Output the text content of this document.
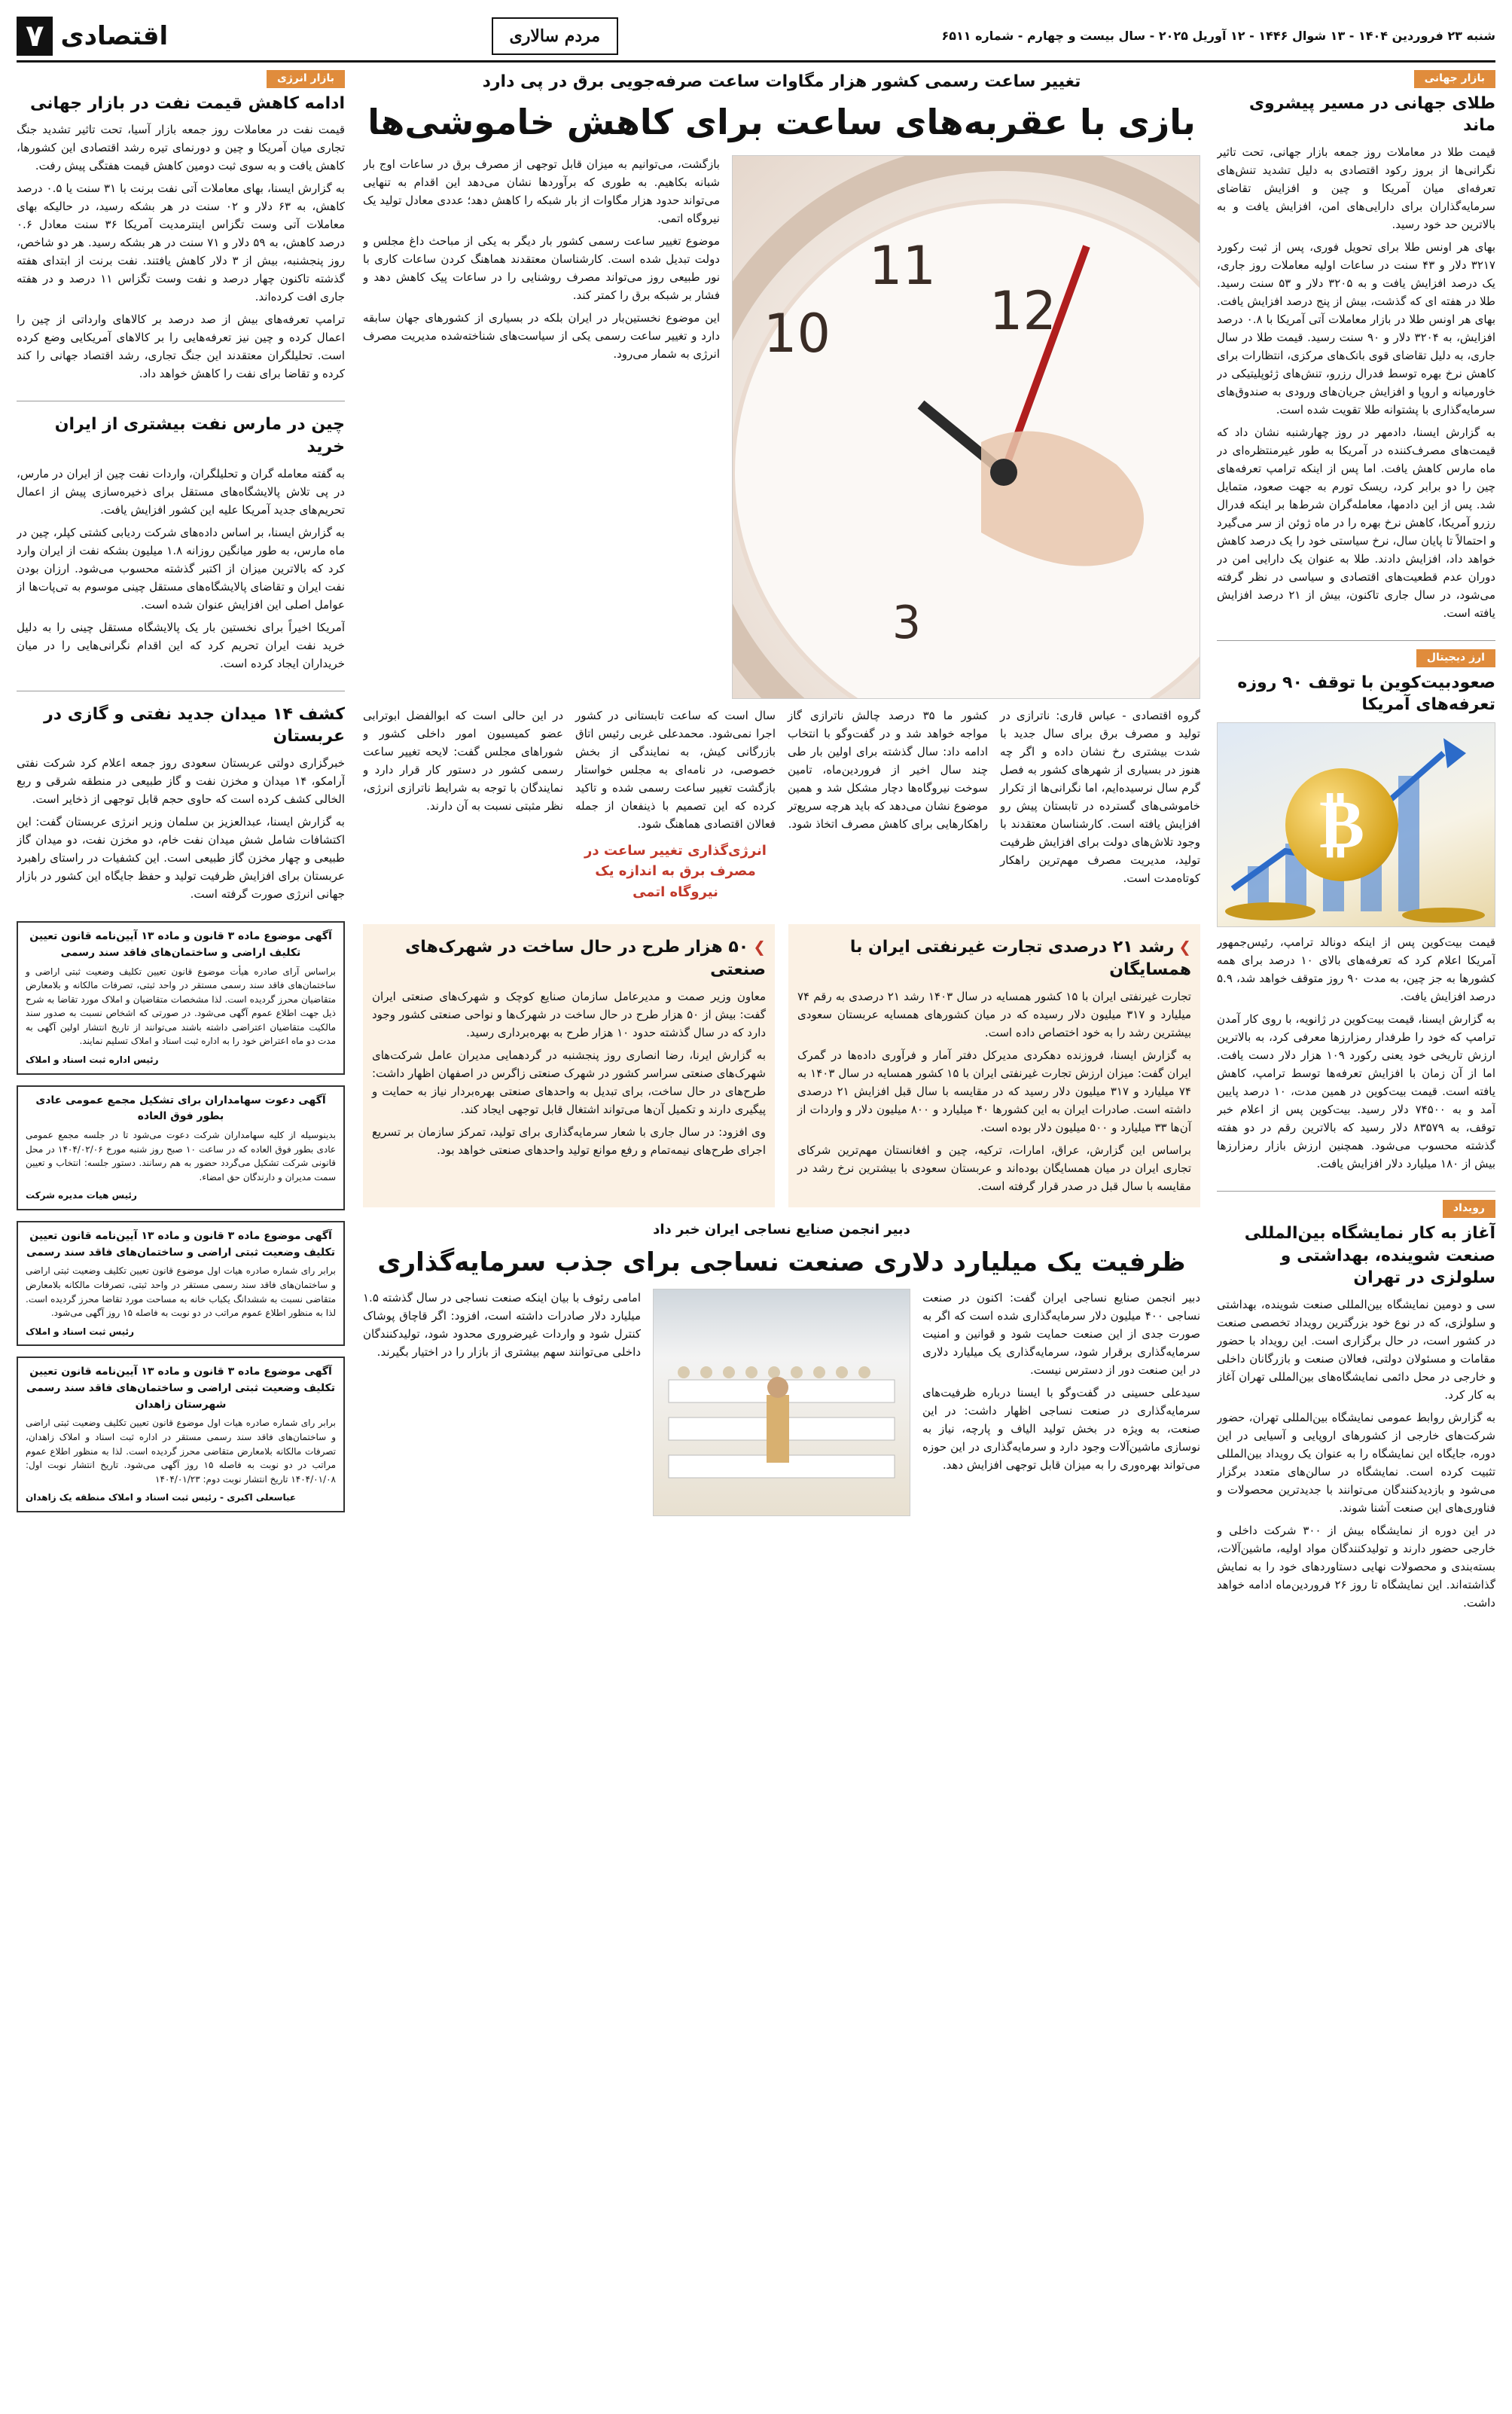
شنبه ۲۳ فروردین ۱۴۰۴ - ۱۳ شوال ۱۴۴۶ - ۱۲ آوریل ۲۰۲۵ - سال بیست و چهارم - شماره ۶۵۱۱
مردم سالاری
اقتصادی
۷
بازار جهانی
طلای جهانی در مسیر پیشروی ماند

قیمت طلا در معاملات روز جمعه بازار جهانی، تحت تاثیر نگرانی‌ها از بروز رکود اقتصادی به دلیل تشدید تنش‌های تعرفه‌ای میان آمریکا و چین و افزایش تقاضای سرمایه‌گذاران برای دارایی‌های امن، افزایش یافت و به بالاترین حد خود رسید.

بهای هر اونس طلا برای تحویل فوری، پس از ثبت رکورد ۳۲۱۷ دلار و ۴۳ سنت در ساعات اولیه معاملات روز جاری، یک درصد افزایش یافت و به ۳۲۰۵ دلار و ۵۳ سنت رسید. طلا در هفته ای که گذشت، بیش از پنج درصد افزایش یافت. بهای هر اونس طلا در بازار معاملات آتی آمریکا با ۰.۸ درصد افزایش، به ۳۲۰۴ دلار و ۹۰ سنت رسید. قیمت طلا در سال جاری، به دلیل تقاضای قوی بانک‌های مرکزی، انتظارات برای کاهش نرخ بهره توسط فدرال رزرو، تنش‌های ژئوپلیتیکی در خاورمیانه و اروپا و افزایش جریان‌های ورودی به صندوق‌های سرمایه‌گذاری با پشتوانه طلا تقویت شده است.

به گزارش ایسنا، دادمهر در روز چهارشنبه نشان داد که قیمت‌های مصرف‌کننده در آمریکا به طور غیرمنتظره‌ای در ماه مارس کاهش یافت. اما پس از اینکه ترامپ تعرفه‌های چین را دو برابر کرد، ریسک تورم به جهت صعود، متمایل شد. پس از این دادمها، معامله‌گران شرط‌ها بر اینکه فدرال رزرو آمریکا، کاهش نرخ بهره را در ماه ژوئن از سر می‌گیرد و احتمالاً تا پایان سال، نرخ سیاستی خود را یک درصد کاهش خواهد داد، افزایش دادند. طلا به عنوان یک دارایی امن در دوران عدم قطعیت‌های اقتصادی و سیاسی در نظر گرفته می‌شود، در سال جاری تاکنون، بیش از ۲۱ درصد افزایش یافته است.

ارز دیجیتال
صعودبیت‌کوین با توقف ۹۰ روزه تعرفه‌های آمریکا
₿

قیمت بیت‌کوین پس از اینکه دونالد ترامپ، رئیس‌جمهور آمریکا اعلام کرد که تعرفه‌های بالای ۱۰ درصد برای همه کشورها به جز چین، به مدت ۹۰ روز متوقف خواهد شد، ۵.۹ درصد افزایش یافت.

به گزارش ایسنا، قیمت بیت‌کوین در ژانویه، با روی کار آمدن ترامپ که خود را طرفدار رمزارزها معرفی کرد، به بالاترین ارزش تاریخی خود یعنی رکورد ۱۰۹ هزار دلار دست یافت. اما از آن زمان با افزایش تعرفه‌ها توسط ترامپ، کاهش یافته است. قیمت بیت‌کوین در همین مدت، ۱۰ درصد پایین آمد و به ۷۴۵۰۰ دلار رسید. بیت‌کوین پس از اعلام خبر توقف، به ۸۳۵۷۹ دلار رسید که بالاترین رقم در دو هفته گذشته محسوب می‌شود. همچنین ارزش بازار رمزارزها بیش از ۱۸۰ میلیارد دلار افزایش یافت.

رویداد
آغاز به کار نمایشگاه بین‌المللی صنعت شوینده، بهداشتی و سلولزی در تهران

سی و دومین نمایشگاه بین‌المللی صنعت شوینده، بهداشتی و سلولزی، که در نوع خود بزرگترین رویداد تخصصی صنعت در کشور است، در حال برگزاری است. این رویداد با حضور مقامات و مسئولان دولتی، فعالان صنعت و بازرگانان داخلی و خارجی در محل دائمی نمایشگاه‌های بین‌المللی تهران آغاز به کار کرد.

به گزارش روابط عمومی نمایشگاه بین‌المللی تهران، حضور شرکت‌های خارجی از کشورهای اروپایی و آسیایی در این دوره، جایگاه این نمایشگاه را به عنوان یک رویداد بین‌المللی تثبیت کرده است. نمایشگاه در سالن‌های متعدد برگزار می‌شود و بازدیدکنندگان می‌توانند با جدیدترین محصولات و فناوری‌های این صنعت آشنا شوند.

در این دوره از نمایشگاه بیش از ۳۰۰ شرکت داخلی و خارجی حضور دارند و تولیدکنندگان مواد اولیه، ماشین‌آلات، بسته‌بندی و محصولات نهایی دستاوردهای خود را به نمایش گذاشته‌اند. این نمایشگاه تا روز ۲۶ فروردین‌ماه ادامه خواهد داشت.

تغییر ساعت رسمی کشور هزار مگاوات ساعت صرفه‌جویی برق در پی دارد
بازی با عقربه‌های ساعت برای کاهش خاموشی‌ها
10
11
12
3

بازگشت، می‌توانیم به میزان قابل توجهی از مصرف برق در ساعات اوج بار شبانه بکاهیم. به طوری که برآوردها نشان می‌دهد این اقدام به تنهایی می‌تواند حدود هزار مگاوات از بار شبکه را کاهش دهد؛ عددی معادل تولید یک نیروگاه اتمی.

موضوع تغییر ساعت رسمی کشور بار دیگر به یکی از مباحث داغ مجلس و دولت تبدیل شده است. کارشناسان معتقدند هماهنگ کردن ساعات کاری با نور طبیعی روز می‌تواند مصرف روشنایی را در ساعات پیک کاهش دهد و فشار بر شبکه برق را کمتر کند.

این موضوع نخستین‌بار در ایران بلکه در بسیاری از کشورهای جهان سابقه دارد و تغییر ساعت رسمی یکی از سیاست‌های شناخته‌شده مدیریت مصرف انرژی به شمار می‌رود.

گروه اقتصادی - عباس قاری: ناترازی در تولید و مصرف برق برای سال جدید با شدت بیشتری رخ نشان داده و اگر چه هنوز در بسیاری از شهرهای کشور به فصل گرم سال نرسیده‌ایم، اما نگرانی‌ها از تکرار خاموشی‌های گسترده در تابستان پیش رو افزایش یافته است. کارشناسان معتقدند با وجود تلاش‌های دولت برای افزایش ظرفیت تولید، مدیریت مصرف مهم‌ترین راهکار کوتاه‌مدت است.

کشور ما ۳۵ درصد چالش ناترازی گاز مواجه خواهد شد و در گفت‌وگو با انتخاب ادامه داد: سال گذشته برای اولین بار طی چند سال اخیر از فروردین‌ماه، تامین سوخت نیروگاه‌ها دچار مشکل شد و همین موضوع نشان می‌دهد که باید هرچه سریع‌تر راهکارهایی برای کاهش مصرف اتخاذ شود.

سال است که ساعت تابستانی در کشور اجرا نمی‌شود. محمدعلی غربی رئیس اتاق بازرگانی کیش، به نمایندگی از بخش خصوصی، در نامه‌ای به مجلس خواستار بازگشت تغییر ساعت رسمی شده و تاکید کرده که این تصمیم با ذینفعان از جمله فعالان اقتصادی هماهنگ شود.

انرژی‌گذاری تغییر ساعت در مصرف برق به اندازه یک نیروگاه اتمی

در این حالی است که ابوالفضل ابوترابی عضو کمیسیون امور داخلی کشور و شوراهای مجلس گفت: لایحه تغییر ساعت رسمی کشور در دستور کار قرار دارد و نمایندگان با توجه به شرایط ناترازی انرژی، نظر مثبتی نسبت به آن دارند.

❯رشد ۲۱ درصدی تجارت غیرنفتی ایران با همسایگان

تجارت غیرنفتی ایران با ۱۵ کشور همسایه در سال ۱۴۰۳ رشد ۲۱ درصدی به رقم ۷۴ میلیارد و ۳۱۷ میلیون دلار رسیده که در میان کشورهای همسایه عربستان سعودی بیشترین رشد را به خود اختصاص داده است.

به گزارش ایسنا، فروزنده دهکردی مدیرکل دفتر آمار و فرآوری داده‌ها در گمرک ایران گفت: میزان ارزش تجارت غیرنفتی ایران با ۱۵ کشور همسایه در سال ۱۴۰۳ به ۷۴ میلیارد و ۳۱۷ میلیون دلار رسید که در مقایسه با سال قبل افزایش ۲۱ درصدی داشته است. صادرات ایران به این کشورها ۴۰ میلیارد و ۸۰۰ میلیون دلار و واردات از آن‌ها ۳۳ میلیارد و ۵۰۰ میلیون دلار بوده است.

براساس این گزارش، عراق، امارات، ترکیه، چین و افغانستان مهم‌ترین شرکای تجاری ایران در میان همسایگان بوده‌اند و عربستان سعودی با بیشترین نرخ رشد در مقایسه با سال قبل در صدر قرار گرفته است.

❯۵۰ هزار طرح در حال ساخت در شهرک‌های صنعتی

معاون وزیر صمت و مدیرعامل سازمان صنایع کوچک و شهرک‌های صنعتی ایران گفت: بیش از ۵۰ هزار طرح در حال ساخت در شهرک‌ها و نواحی صنعتی کشور وجود دارد که در سال گذشته حدود ۱۰ هزار طرح به بهره‌برداری رسید.

به گزارش ایرنا، رضا انصاری روز پنجشنبه در گردهمایی مدیران عامل شرکت‌های شهرک‌های صنعتی سراسر کشور در شهرک صنعتی زاگرس در اصفهان اظهار داشت: طرح‌های در حال ساخت، برای تبدیل به واحدهای صنعتی بهره‌بردار نیاز به حمایت و پیگیری دارند و تکمیل آن‌ها می‌تواند اشتغال قابل توجهی ایجاد کند.

وی افزود: در سال جاری با شعار سرمایه‌گذاری برای تولید، تمرکز سازمان بر تسریع اجرای طرح‌های نیمه‌تمام و رفع موانع تولید واحدهای صنعتی خواهد بود.

دبیر انجمن صنایع نساجی ایران خبر داد
ظرفیت یک میلیارد دلاری صنعت نساجی برای جذب سرمایه‌گذاری

دبیر انجمن صنایع نساجی ایران گفت: اکنون در صنعت نساجی ۴۰۰ میلیون دلار سرمایه‌گذاری شده است که اگر به صورت جدی از این صنعت حمایت شود و قوانین و امنیت سرمایه‌گذاری برقرار شود، سرمایه‌گذاری یک میلیارد دلاری در این صنعت دور از دسترس نیست.

سیدعلی حسینی در گفت‌وگو با ایسنا درباره ظرفیت‌های سرمایه‌گذاری در صنعت نساجی اظهار داشت: در این صنعت، به ویژه در بخش تولید الیاف و پارچه، نیاز به نوسازی ماشین‌آلات وجود دارد و سرمایه‌گذاری در این حوزه می‌تواند بهره‌وری را به میزان قابل توجهی افزایش دهد.

امامی رئوف با بیان اینکه صنعت نساجی در سال گذشته ۱.۵ میلیارد دلار صادرات داشته است، افزود: اگر قاچاق پوشاک کنترل شود و واردات غیرضروری محدود شود، تولیدکنندگان داخلی می‌توانند سهم بیشتری از بازار را در اختیار بگیرند.

بازار انرژی
ادامه کاهش قیمت نفت در بازار جهانی

قیمت نفت در معاملات روز جمعه بازار آسیا، تحت تاثیر تشدید جنگ تجاری میان آمریکا و چین و دورنمای تیره رشد اقتصادی این کشورها، کاهش یافت و به سوی ثبت دومین کاهش قیمت هفتگی پیش رفت.

به گزارش ایسنا، بهای معاملات آتی نفت برنت با ۳۱ سنت یا ۰.۵ درصد کاهش، به ۶۳ دلار و ۰۲ سنت در هر بشکه رسید، در حالیکه بهای معاملات آتی وست تگزاس اینترمدیت آمریکا ۳۶ سنت معادل ۰.۶ درصد کاهش، به ۵۹ دلار و ۷۱ سنت در هر بشکه رسید. هر دو شاخص، روز پنجشنبه، بیش از ۳ دلار کاهش یافتند. نفت برنت از ابتدای هفته گذشته تاکنون چهار درصد و نفت وست تگزاس ۱۱ درصد و در هفته جاری افت کرده‌اند.

ترامپ تعرفه‌های بیش از صد درصد بر کالاهای وارداتی از چین را اعمال کرده و چین نیز تعرفه‌هایی را بر کالاهای آمریکایی وضع کرده است. تحلیلگران معتقدند این جنگ تجاری، رشد اقتصاد جهانی را کند کرده و تقاضا برای نفت را کاهش خواهد داد.

چین در مارس نفت بیشتری از ایران خرید

به گفته معامله گران و تحلیلگران، واردات نفت چین از ایران در مارس، در پی تلاش پالایشگاه‌های مستقل برای ذخیره‌سازی پیش از اعمال تحریم‌های جدید آمریکا علیه این کشور افزایش یافت.

به گزارش ایسنا، بر اساس داده‌های شرکت ردیابی کشتی کپلر، چین در ماه مارس، به طور میانگین روزانه ۱.۸ میلیون بشکه نفت از ایران وارد کرد که بالاترین میزان از اکتبر گذشته محسوب می‌شود. ارزان بودن نفت ایران و تقاضای پالایشگاه‌های مستقل چینی موسوم به تی‌پات‌ها از عوامل اصلی این افزایش عنوان شده است.

آمریکا اخیراً برای نخستین بار یک پالایشگاه مستقل چینی را به دلیل خرید نفت ایران تحریم کرد که این اقدام نگرانی‌هایی را در میان خریداران ایجاد کرده است.

کشف ۱۴ میدان جدید نفتی و گازی در عربستان

خبرگزاری دولتی عربستان سعودی روز جمعه اعلام کرد شرکت نفتی آرامکو، ۱۴ میدان و مخزن نفت و گاز طبیعی در منطقه شرقی و ربع الخالی کشف کرده است که حاوی حجم قابل توجهی از ذخایر است.

به گزارش ایسنا، عبدالعزیز بن سلمان وزیر انرژی عربستان گفت: این اکتشافات شامل شش میدان نفت خام، دو مخزن نفت، دو میدان گاز طبیعی و چهار مخزن گاز طبیعی است. این کشفیات در راستای راهبرد عربستان برای افزایش ظرفیت تولید و حفظ جایگاه این کشور در بازار جهانی انرژی صورت گرفته است.

آگهی موضوع ماده ۳ قانون و ماده ۱۳ آیین‌نامه قانون تعیین تکلیف اراضی و ساختمان‌های فاقد سند رسمی

براساس آرای صادره هیأت موضوع قانون تعیین تکلیف وضعیت ثبتی اراضی و ساختمان‌های فاقد سند رسمی مستقر در واحد ثبتی، تصرفات مالکانه و بلامعارض متقاضیان محرز گردیده است. لذا مشخصات متقاضیان و املاک مورد تقاضا به شرح ذیل جهت اطلاع عموم آگهی می‌شود. در صورتی که اشخاص نسبت به صدور سند مالکیت متقاضیان اعتراضی داشته باشند می‌توانند از تاریخ انتشار اولین آگهی به مدت دو ماه اعتراض خود را به اداره ثبت اسناد و املاک تسلیم نمایند.

رئیس اداره ثبت اسناد و املاک
آگهی دعوت سهامداران برای تشکیل مجمع عمومی عادی بطور فوق العاده

بدینوسیله از کلیه سهامداران شرکت دعوت می‌شود تا در جلسه مجمع عمومی عادی بطور فوق العاده که در ساعت ۱۰ صبح روز شنبه مورخ ۱۴۰۴/۰۲/۰۶ در محل قانونی شرکت تشکیل می‌گردد حضور به هم رسانند. دستور جلسه: انتخاب و تعیین سمت مدیران و دارندگان حق امضاء.

رئیس هیات مدیره شرکت
آگهی موضوع ماده ۳ قانون و ماده ۱۳ آیین‌نامه قانون تعیین تکلیف وضعیت ثبتی اراضی و ساختمان‌های فاقد سند رسمی

برابر رای شماره صادره هیات اول موضوع قانون تعیین تکلیف وضعیت ثبتی اراضی و ساختمان‌های فاقد سند رسمی مستقر در واحد ثبتی، تصرفات مالکانه بلامعارض متقاضی نسبت به ششدانگ یکباب خانه به مساحت مورد تقاضا محرز گردیده است. لذا به منظور اطلاع عموم مراتب در دو نوبت به فاصله ۱۵ روز آگهی می‌شود.

رئیس ثبت اسناد و املاک
آگهی موضوع ماده ۳ قانون و ماده ۱۳ آیین‌نامه قانون تعیین تکلیف وضعیت ثبتی اراضی و ساختمان‌های فاقد سند رسمی شهرستان زاهدان

برابر رای شماره صادره هیات اول موضوع قانون تعیین تکلیف وضعیت ثبتی اراضی و ساختمان‌های فاقد سند رسمی مستقر در اداره ثبت اسناد و املاک زاهدان، تصرفات مالکانه بلامعارض متقاضی محرز گردیده است. لذا به منظور اطلاع عموم مراتب در دو نوبت به فاصله ۱۵ روز آگهی می‌شود. تاریخ انتشار نوبت اول: ۱۴۰۴/۰۱/۰۸ تاریخ انتشار نوبت دوم: ۱۴۰۴/۰۱/۲۳

عباسعلی اکبری - رئیس ثبت اسناد و املاک منطقه یک زاهدان
